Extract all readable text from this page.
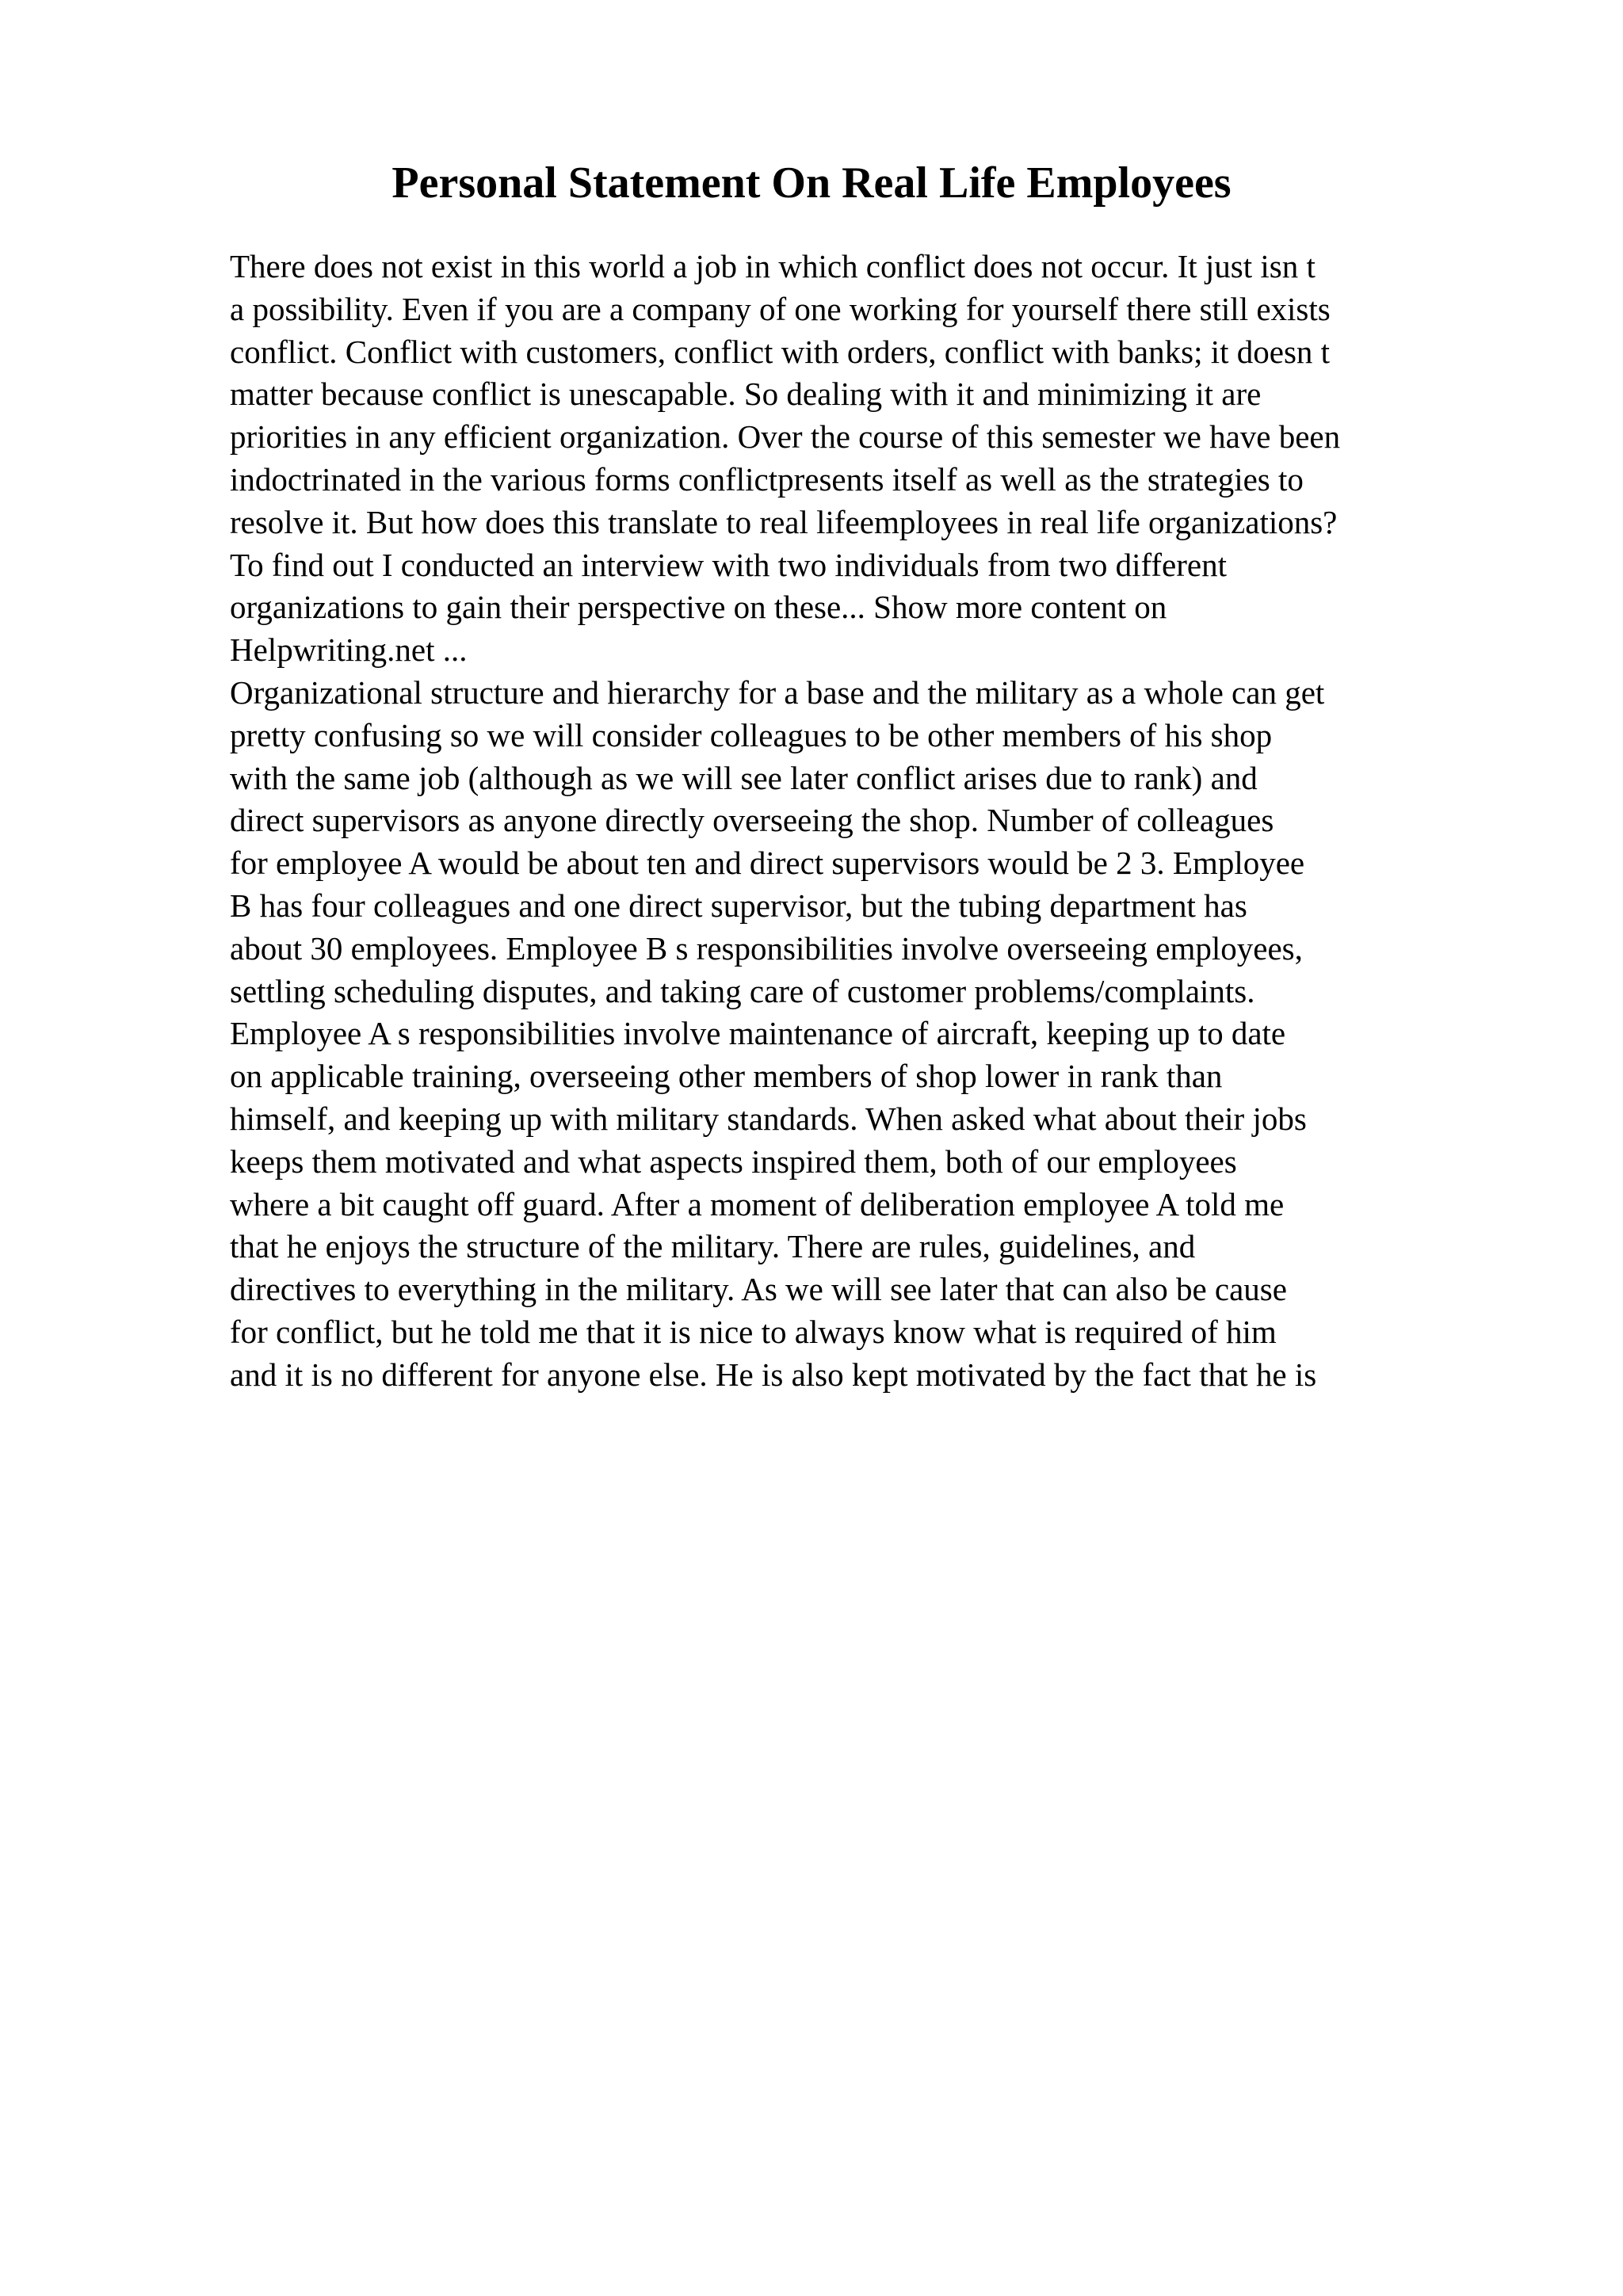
Personal Statement On Real Life Employees
There does not exist in this world a job in which conflict does not occur. It just isn t
a possibility. Even if you are a company of one working for yourself there still exists
conflict. Conflict with customers, conflict with orders, conflict with banks; it doesn t
matter because conflict is unescapable. So dealing with it and minimizing it are
priorities in any efficient organization. Over the course of this semester we have been
indoctrinated in the various forms conflictpresents itself as well as the strategies to
resolve it. But how does this translate to real lifeemployees in real life organizations?
To find out I conducted an interview with two individuals from two different
organizations to gain their perspective on these... Show more content on
Helpwriting.net ...
Organizational structure and hierarchy for a base and the military as a whole can get
pretty confusing so we will consider colleagues to be other members of his shop
with the same job (although as we will see later conflict arises due to rank) and
direct supervisors as anyone directly overseeing the shop. Number of colleagues
for employee A would be about ten and direct supervisors would be 2 3. Employee
B has four colleagues and one direct supervisor, but the tubing department has
about 30 employees. Employee B s responsibilities involve overseeing employees,
settling scheduling disputes, and taking care of customer problems/complaints.
Employee A s responsibilities involve maintenance of aircraft, keeping up to date
on applicable training, overseeing other members of shop lower in rank than
himself, and keeping up with military standards. When asked what about their jobs
keeps them motivated and what aspects inspired them, both of our employees
where a bit caught off guard. After a moment of deliberation employee A told me
that he enjoys the structure of the military. There are rules, guidelines, and
directives to everything in the military. As we will see later that can also be cause
for conflict, but he told me that it is nice to always know what is required of him
and it is no different for anyone else. He is also kept motivated by the fact that he is
